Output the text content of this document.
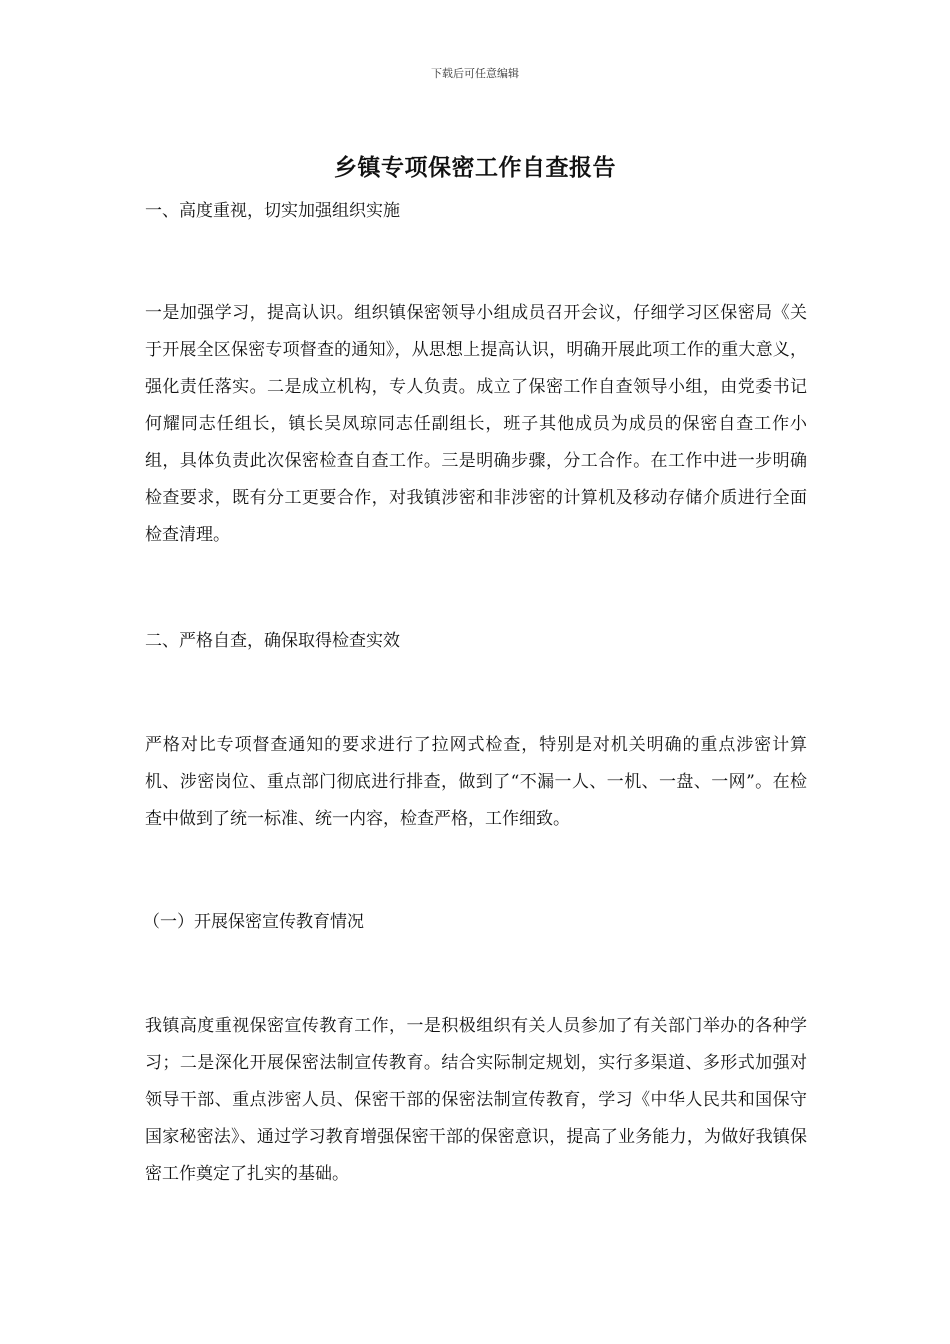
下载后可任意编辑
乡镇专项保密工作自查报告

一、高度重视，切实加强组织实施

一是加强学习，提高认识。组织镇保密领导小组成员召开会议，仔细学习区保密局《关于开展全区保密专项督查的通知》，从思想上提高认识，明确开展此项工作的重大意义，强化责任落实。二是成立机构，专人负责。成立了保密工作自查领导小组，由党委书记何耀同志任组长，镇长吴凤琼同志任副组长，班子其他成员为成员的保密自查工作小组，具体负责此次保密检查自查工作。三是明确步骤，分工合作。在工作中进一步明确检查要求，既有分工更要合作，对我镇涉密和非涉密的计算机及移动存储介质进行全面检查清理。

二、严格自查，确保取得检查实效

严格对比专项督查通知的要求进行了拉网式检查，特别是对机关明确的重点涉密计算机、涉密岗位、重点部门彻底进行排查，做到了“不漏一人、一机、一盘、一网”。在检查中做到了统一标准、统一内容，检查严格，工作细致。

（一）开展保密宣传教育情况

我镇高度重视保密宣传教育工作，一是积极组织有关人员参加了有关部门举办的各种学习；二是深化开展保密法制宣传教育。结合实际制定规划，实行多渠道、多形式加强对领导干部、重点涉密人员、保密干部的保密法制宣传教育，学习《中华人民共和国保守国家秘密法》、通过学习教育增强保密干部的保密意识，提高了业务能力，为做好我镇保密工作奠定了扎实的基础。
